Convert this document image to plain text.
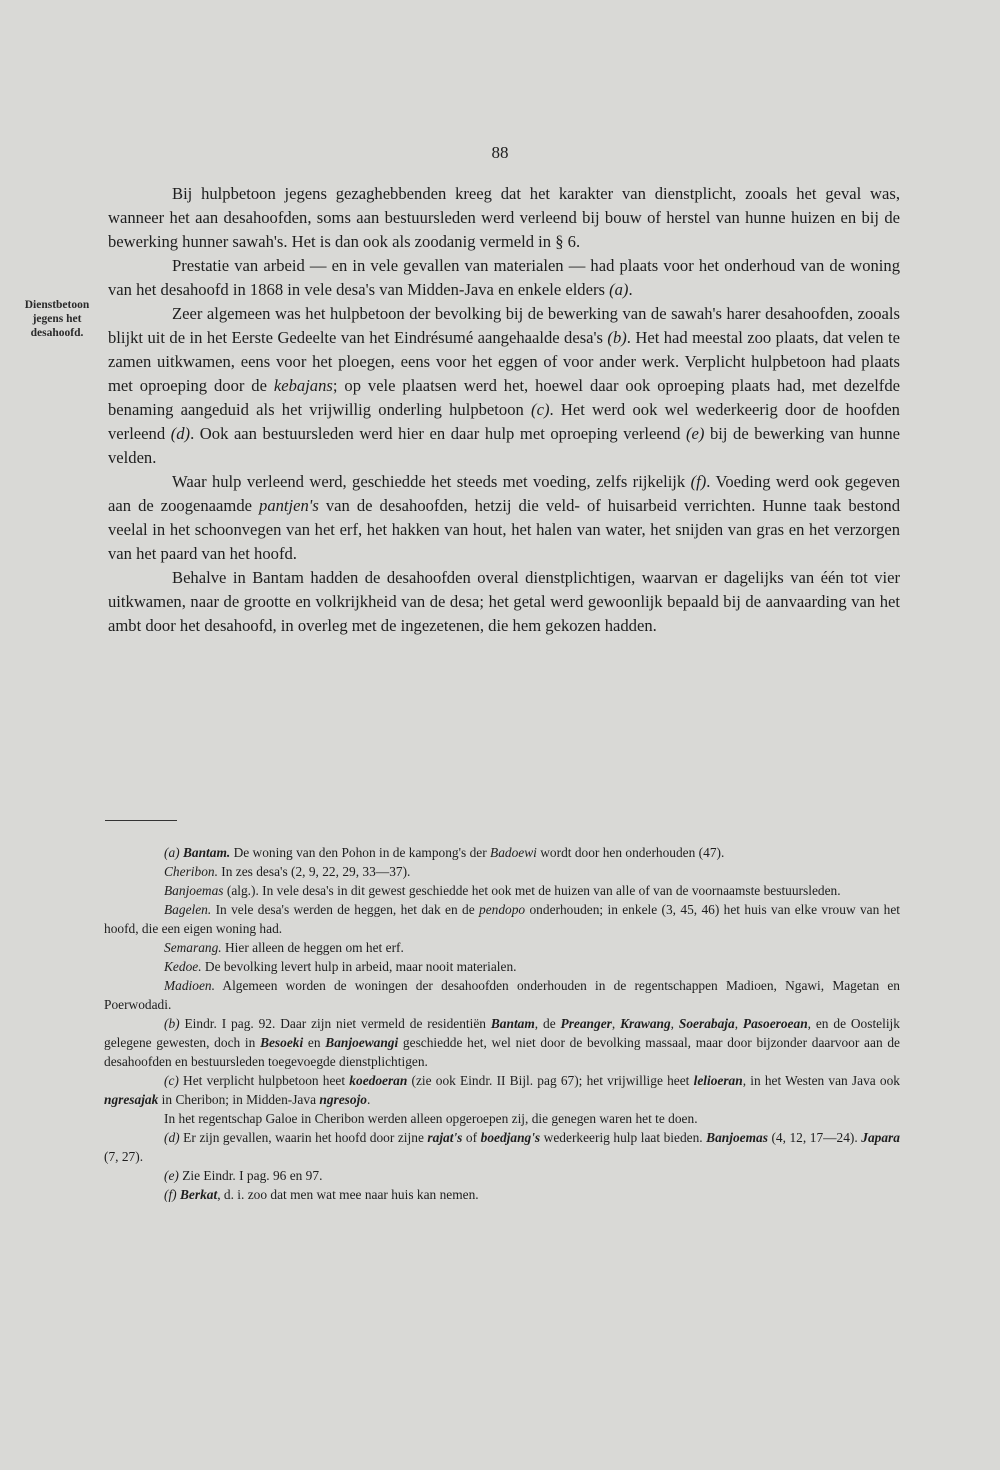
88
Dienstbetoon jegens het desahoofd.

Bij hulpbetoon jegens gezaghebbenden kreeg dat het karakter van dienstplicht, zooals het geval was, wanneer het aan desahoofden, soms aan bestuursleden werd verleend bij bouw of herstel van hunne huizen en bij de bewerking hunner sawah's. Het is dan ook als zoodanig vermeld in § 6.

Prestatie van arbeid — en in vele gevallen van materialen — had plaats voor het onderhoud van de woning van het desahoofd in 1868 in vele desa's van Midden-Java en enkele elders (a).

Zeer algemeen was het hulpbetoon der bevolking bij de bewerking van de sawah's harer desahoofden, zooals blijkt uit de in het Eerste Gedeelte van het Eindrésumé aangehaalde desa's (b). Het had meestal zoo plaats, dat velen te zamen uitkwamen, eens voor het ploegen, eens voor het eggen of voor ander werk. Verplicht hulpbetoon had plaats met oproeping door de kebajans; op vele plaatsen werd het, hoewel daar ook oproeping plaats had, met dezelfde benaming aangeduid als het vrijwillig onderling hulpbetoon (c). Het werd ook wel wederkeerig door de hoofden verleend (d). Ook aan bestuursleden werd hier en daar hulp met oproeping verleend (e) bij de bewerking van hunne velden.

Waar hulp verleend werd, geschiedde het steeds met voeding, zelfs rijkelijk (f). Voeding werd ook gegeven aan de zoogenaamde pantjen's van de desahoofden, hetzij die veld- of huisarbeid verrichten. Hunne taak bestond veelal in het schoonvegen van het erf, het hakken van hout, het halen van water, het snijden van gras en het verzorgen van het paard van het hoofd.

Behalve in Bantam hadden de desahoofden overal dienstplichtigen, waarvan er dagelijks van één tot vier uitkwamen, naar de grootte en volkrijkheid van de desa; het getal werd gewoonlijk bepaald bij de aanvaarding van het ambt door het desahoofd, in overleg met de ingezetenen, die hem gekozen hadden.

(a) Bantam. De woning van den Pohon in de kampong's der Badoewi wordt door hen onderhouden (47).

Cheribon. In zes desa's (2, 9, 22, 29, 33—37).

Banjoemas (alg.). In vele desa's in dit gewest geschiedde het ook met de huizen van alle of van de voornaamste bestuursleden.

Bagelen. In vele desa's werden de heggen, het dak en de pendopo onderhouden; in enkele (3, 45, 46) het huis van elke vrouw van het hoofd, die een eigen woning had.

Semarang. Hier alleen de heggen om het erf.

Kedoe. De bevolking levert hulp in arbeid, maar nooit materialen.

Madioen. Algemeen worden de woningen der desahoofden onderhouden in de regentschappen Madioen, Ngawi, Magetan en Poerwodadi.

(b) Eindr. I pag. 92. Daar zijn niet vermeld de residentiën Bantam, de Preanger, Krawang, Soerabaja, Pasoeroean, en de Oostelijk gelegene gewesten, doch in Besoeki en Banjoewangi geschiedde het, wel niet door de bevolking massaal, maar door bijzonder daarvoor aan de desahoofden en bestuursleden toegevoegde dienstplichtigen.

(c) Het verplicht hulpbetoon heet koedoeran (zie ook Eindr. II Bijl. pag 67); het vrijwillige heet lelioeran, in het Westen van Java ook ngresajak in Cheribon; in Midden-Java ngresojo.

In het regentschap Galoe in Cheribon werden alleen opgeroepen zij, die genegen waren het te doen.

(d) Er zijn gevallen, waarin het hoofd door zijne rajat's of boedjang's wederkeerig hulp laat bieden. Banjoemas (4, 12, 17—24). Japara (7, 27).

(e) Zie Eindr. I pag. 96 en 97.

(f) Berkat, d. i. zoo dat men wat mee naar huis kan nemen.
